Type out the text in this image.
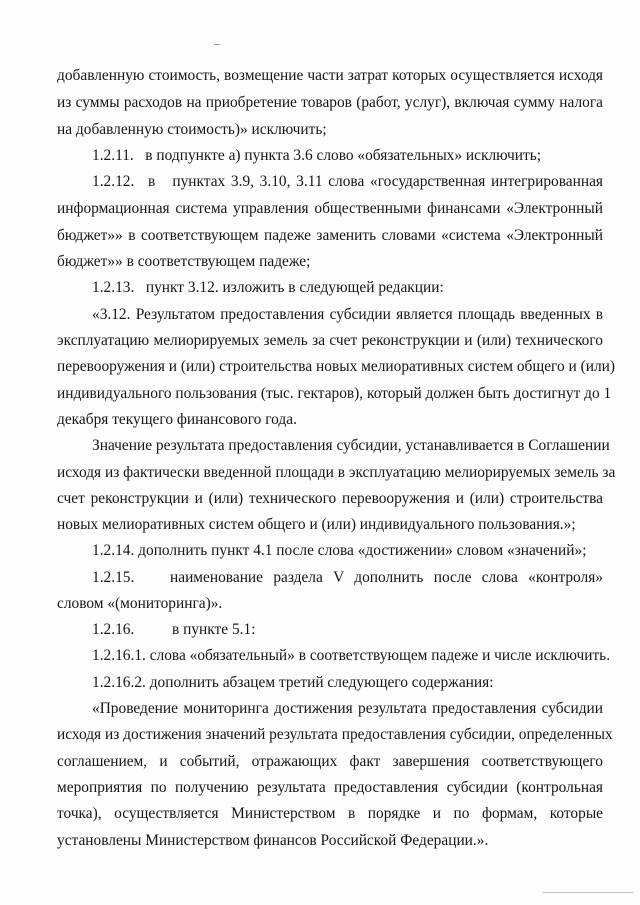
добавленную стоимость, возмещение части затрат которых осуществляется исходя
из суммы расходов на приобретение товаров (работ, услуг), включая сумму налога
на добавленную стоимость)» исключить;
1.2.11.   в подпункте а) пункта 3.6 слово «обязательных» исключить;
1.2.12. в   пунктах 3.9, 3.10, 3.11 слова «государственная интегрированная
информационная система управления общественными финансами «Электронный
бюджет»» в соответствующем падеже заменить словами «система «Электронный
бюджет»» в соответствующем падеже;
1.2.13.   пункт 3.12. изложить в следующей редакции:
«3.12. Результатом предоставления субсидии является площадь введенных в
эксплуатацию мелиорируемых земель за счет реконструкции и (или) технического
перевооружения и (или) строительства новых мелиоративных систем общего и (или)
индивидуального пользования (тыс. гектаров), который должен быть достигнут до 1
декабря текущего финансового года.
Значение результата предоставления субсидии, устанавливается в Соглашении
исходя из фактически введенной площади в эксплуатацию мелиорируемых земель за
счет реконструкции и (или) технического перевооружения и (или) строительства
новых мелиоративных систем общего и (или) индивидуального пользования.»;
1.2.14. дополнить пункт 4.1 после слова «достижении» словом «значений»;
1.2.15. наименование раздела V дополнить после слова «контроля»
словом «(мониторинга)».
1.2.16. в пункте 5.1:
1.2.16.1. слова «обязательный» в соответствующем падеже и числе исключить.
1.2.16.2. дополнить абзацем третий следующего содержания:
«Проведение мониторинга достижения результата предоставления субсидии
исходя из достижения значений результата предоставления субсидии, определенных
соглашением, и событий, отражающих факт завершения соответствующего
мероприятия по получению результата предоставления субсидии (контрольная
точка), осуществляется Министерством в порядке и по формам, которые
установлены Министерством финансов Российской Федерации.».
